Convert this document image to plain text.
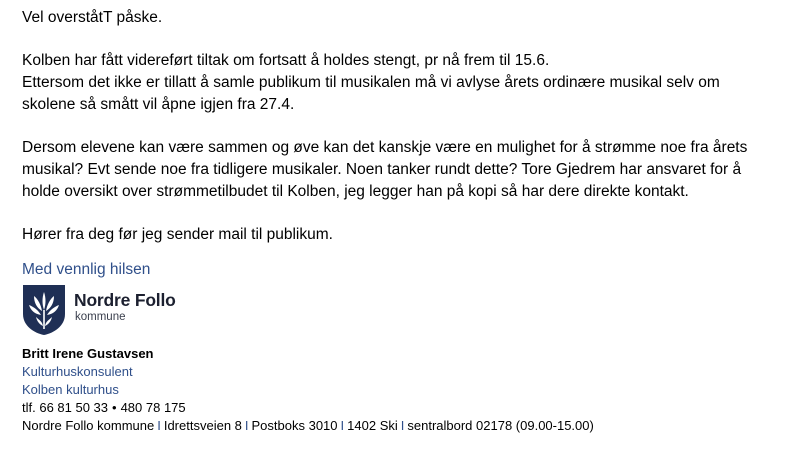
Vel overståtT påske.

Kolben har fått videreført tiltak om fortsatt å holdes stengt, pr nå frem til 15.6.

Ettersom det ikke er tillatt å samle publikum til musikalen må vi avlyse årets ordinære musikal selv om

skolene så smått vil åpne igjen fra 27.4.

Dersom elevene kan være sammen og øve kan det kanskje være en mulighet for å strømme noe fra årets

musikal? Evt sende noe fra tidligere musikaler. Noen tanker rundt dette? Tore Gjedrem har ansvaret for å

holde oversikt over strømmetilbudet til Kolben, jeg legger han på kopi så har dere direkte kontakt.

Hører fra deg før jeg sender mail til publikum.

Med vennlig hilsen
Nordre Follo
kommune
Britt Irene Gustavsen
Kulturhuskonsulent
Kolben kulturhus
tlf. 66 81 50 33 • 480 78 175
Nordre Follo kommune I Idrettsveien 8 I Postboks 3010 I 1402 Ski I sentralbord 02178 (09.00-15.00)
